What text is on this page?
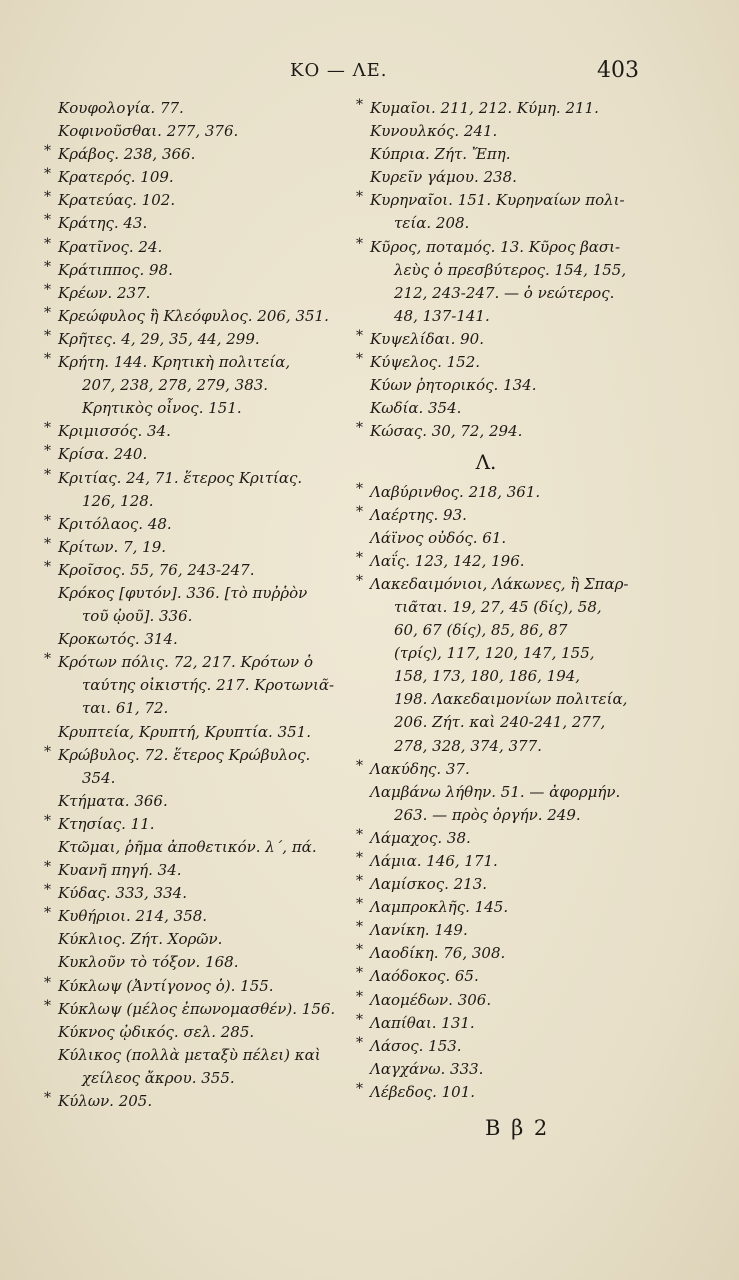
ΚΟ — ΛΕ.	403
Κουφολογία. 77.
Κοφινοῦσθαι. 277, 376.
* Κράβος. 238, 366.
* Κρατερός. 109.
* Κρατεύας. 102.
* Κράτης. 43.
* Κρατῖνος. 24.
* Κράτιππος. 98.
* Κρέων. 237.
* Κρεώφυλος ἢ Κλεόφυλος. 206, 351.
* Κρῆτες. 4, 29, 35, 44, 299.
* Κρήτη. 144. Κρητικὴ πολιτεία,
207, 238, 278, 279, 383.
Κρητικὸς οἶνος. 151.
* Κριμισσός. 34.
* Κρίσα. 240.
* Κριτίας. 24, 71. ἕτερος Κριτίας.
126, 128.
* Κριτόλαος. 48.
* Κρίτων. 7, 19.
* Κροῖσος. 55, 76, 243-247.
Κρόκος [φυτόν]. 336. [τὸ πυῤῥὸν
τοῦ ᾠοῦ]. 336.
Κροκωτός. 314.
* Κρότων πόλις. 72, 217. Κρότων ὁ
ταύτης οἰκιστής. 217. Κροτωνιᾶ-
ται. 61, 72.
Κρυπτεία, Κρυπτή, Κρυπτία. 351.
* Κρώβυλος. 72. ἕτερος Κρώβυλος.
354.
Κτήματα. 366.
* Κτησίας. 11.
Κτῶμαι, ῥῆμα ἀποθετικόν. λ΄, πά.
* Κυανῆ πηγή. 34.
* Κύδας. 333, 334.
* Κυθήριοι. 214, 358.
Κύκλιος. Ζήτ. Χορῶν.
Κυκλοῦν τὸ τόξον. 168.
* Κύκλωψ (Ἀντίγονος ὁ). 155.
* Κύκλωψ (μέλος ἐπωνομασθέν). 156.
Κύκνος ᾠδικός. σελ. 285.
Κύλικος (πολλὰ μεταξὺ πέλει) καὶ
χείλεος ἄκρου. 355.
* Κύλων. 205.
* Κυμαῖοι. 211, 212. Κύμη. 211.
Κυνουλκός. 241.
Κύπρια. Ζήτ. Ἔπη.
Κυρεῖν γάμου. 238.
* Κυρηναῖοι. 151. Κυρηναίων πολι-
τεία. 208.
* Κῦρος, ποταμός. 13. Κῦρος βασι-
λεὺς ὁ πρεσβύτερος. 154, 155,
212, 243-247. — ὁ νεώτερος.
48, 137-141.
* Κυψελίδαι. 90.
* Κύψελος. 152.
Κύων ῥητορικός. 134.
Κωδία. 354.
* Κώσας. 30, 72, 294.
Λ.
* Λαβύρινθος. 218, 361.
* Λαέρτης. 93.
Λάϊνος οὐδός. 61.
* Λαΐς. 123, 142, 196.
* Λακεδαιμόνιοι, Λάκωνες, ἢ Σπαρ-
τιᾶται. 19, 27, 45 (δίς), 58,
60, 67 (δίς), 85, 86, 87
(τρίς), 117, 120, 147, 155,
158, 173, 180, 186, 194,
198. Λακεδαιμονίων πολιτεία,
206. Ζήτ. καὶ 240-241, 277,
278, 328, 374, 377.
* Λακύδης. 37.
Λαμβάνω λήθην. 51. — ἀφορμήν.
263. — πρὸς ὀργήν. 249.
* Λάμαχος. 38.
* Λάμια. 146, 171.
* Λαμίσκος. 213.
* Λαμπροκλῆς. 145.
* Λανίκη. 149.
* Λαοδίκη. 76, 308.
* Λαόδοκος. 65.
* Λαομέδων. 306.
* Λαπίθαι. 131.
* Λάσος. 153.
Λαγχάνω. 333.
* Λέβεδος. 101.
Β β 2
